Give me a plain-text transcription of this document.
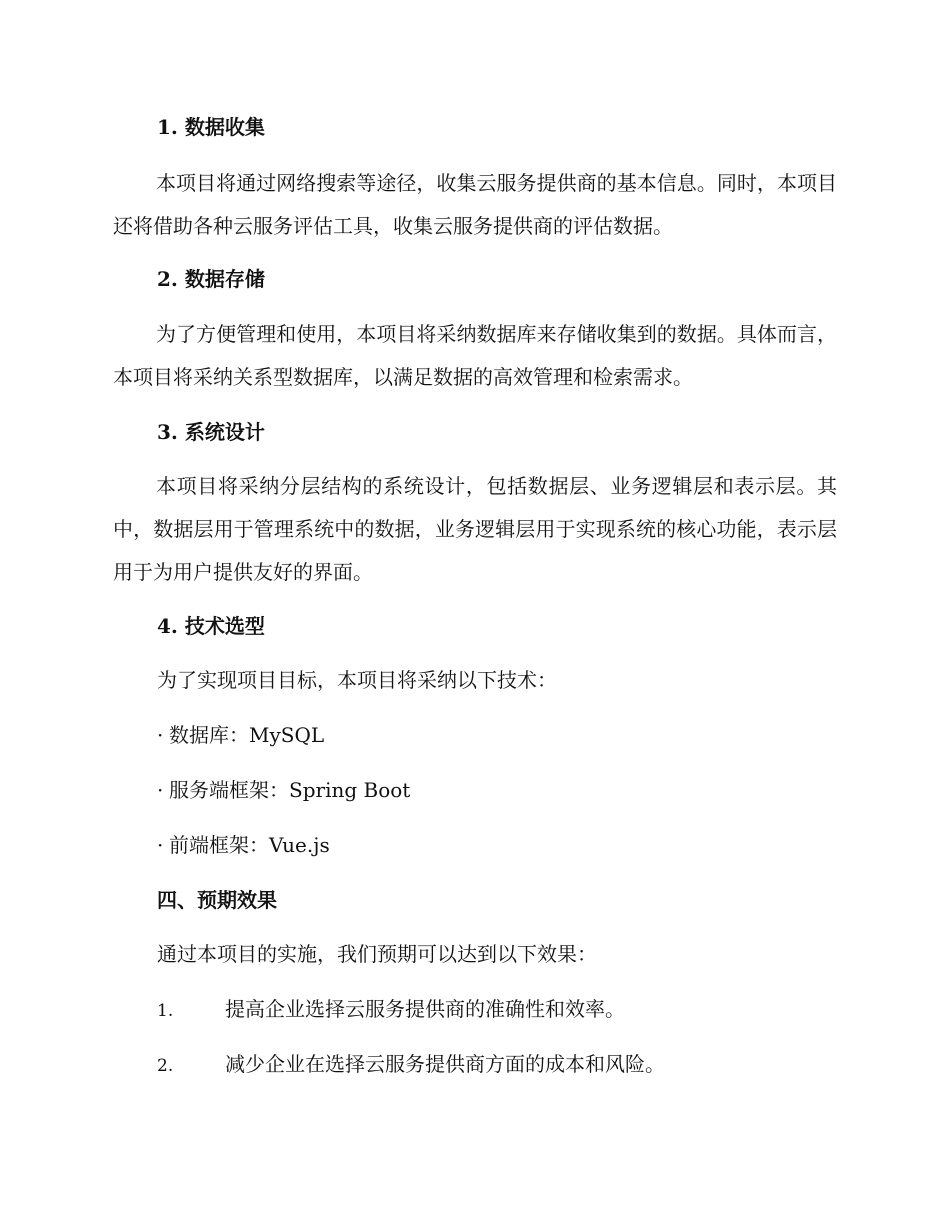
1. 数据收集
本项目将通过网络搜索等途径，收集云服务提供商的基本信息。同时，本项目还将借助各种云服务评估工具，收集云服务提供商的评估数据。
2. 数据存储
为了方便管理和使用，本项目将采纳数据库来存储收集到的数据。具体而言，本项目将采纳关系型数据库，以满足数据的高效管理和检索需求。
3. 系统设计
本项目将采纳分层结构的系统设计，包括数据层、业务逻辑层和表示层。其中，数据层用于管理系统中的数据，业务逻辑层用于实现系统的核心功能，表示层用于为用户提供友好的界面。
4. 技术选型
为了实现项目目标，本项目将采纳以下技术：
· 数据库：MySQL
· 服务端框架：Spring Boot
· 前端框架：Vue.js
四、预期效果
通过本项目的实施，我们预期可以达到以下效果：
1.	提高企业选择云服务提供商的准确性和效率。
2.	减少企业在选择云服务提供商方面的成本和风险。
